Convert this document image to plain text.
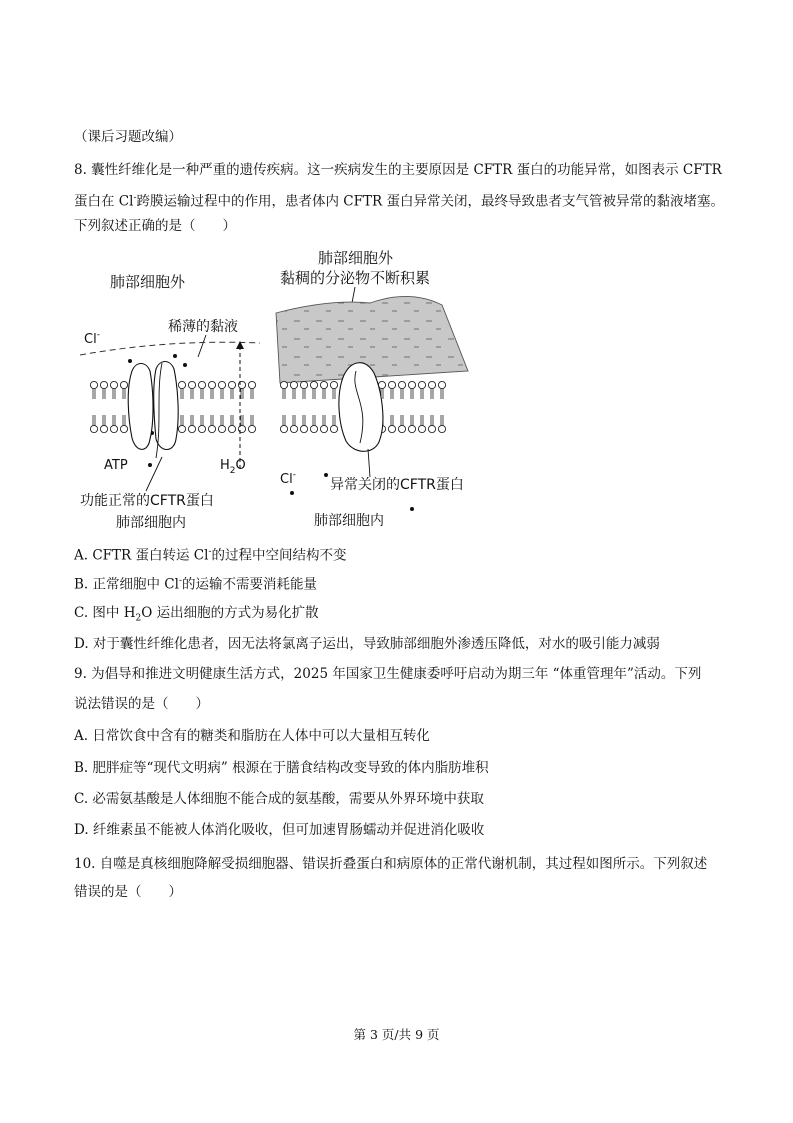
（课后习题改编）
8. 囊性纤维化是一种严重的遗传疾病。这一疾病发生的主要原因是 CFTR 蛋白的功能异常，如图表示 CFTR
蛋白在 Cl-跨膜运输过程中的作用，患者体内 CFTR 蛋白异常关闭，最终导致患者支气管被异常的黏液堵塞。
下列叙述正确的是（　　）
肺部细胞外
稀薄的黏液
Cl-
ATP	$H_2O$
功能正常的CFTR蛋白
肺部细胞内
肺部细胞外
黏稠的分泌物不断积累
Cl-
异常关闭的CFTR蛋白
肺部细胞内
A. CFTR 蛋白转运 Cl-的过程中空间结构不变
B. 正常细胞中 Cl-的运输不需要消耗能量
C. 图中 $H_2O$ 运出细胞的方式为易化扩散
D. 对于囊性纤维化患者，因无法将氯离子运出，导致肺部细胞外渗透压降低，对水的吸引能力减弱
9. 为倡导和推进文明健康生活方式，2025 年国家卫生健康委呼吁启动为期三年 “体重管理年”活动。下列
说法错误的是（　　）
A. 日常饮食中含有的糖类和脂肪在人体中可以大量相互转化
B. 肥胖症等“现代文明病” 根源在于膳食结构改变导致的体内脂肪堆积
C. 必需氨基酸是人体细胞不能合成的氨基酸，需要从外界环境中获取
D. 纤维素虽不能被人体消化吸收，但可加速胃肠蠕动并促进消化吸收
10. 自噬是真核细胞降解受损细胞器、错误折叠蛋白和病原体的正常代谢机制，其过程如图所示。下列叙述
错误的是（　　）
第 3 页/共 9 页
